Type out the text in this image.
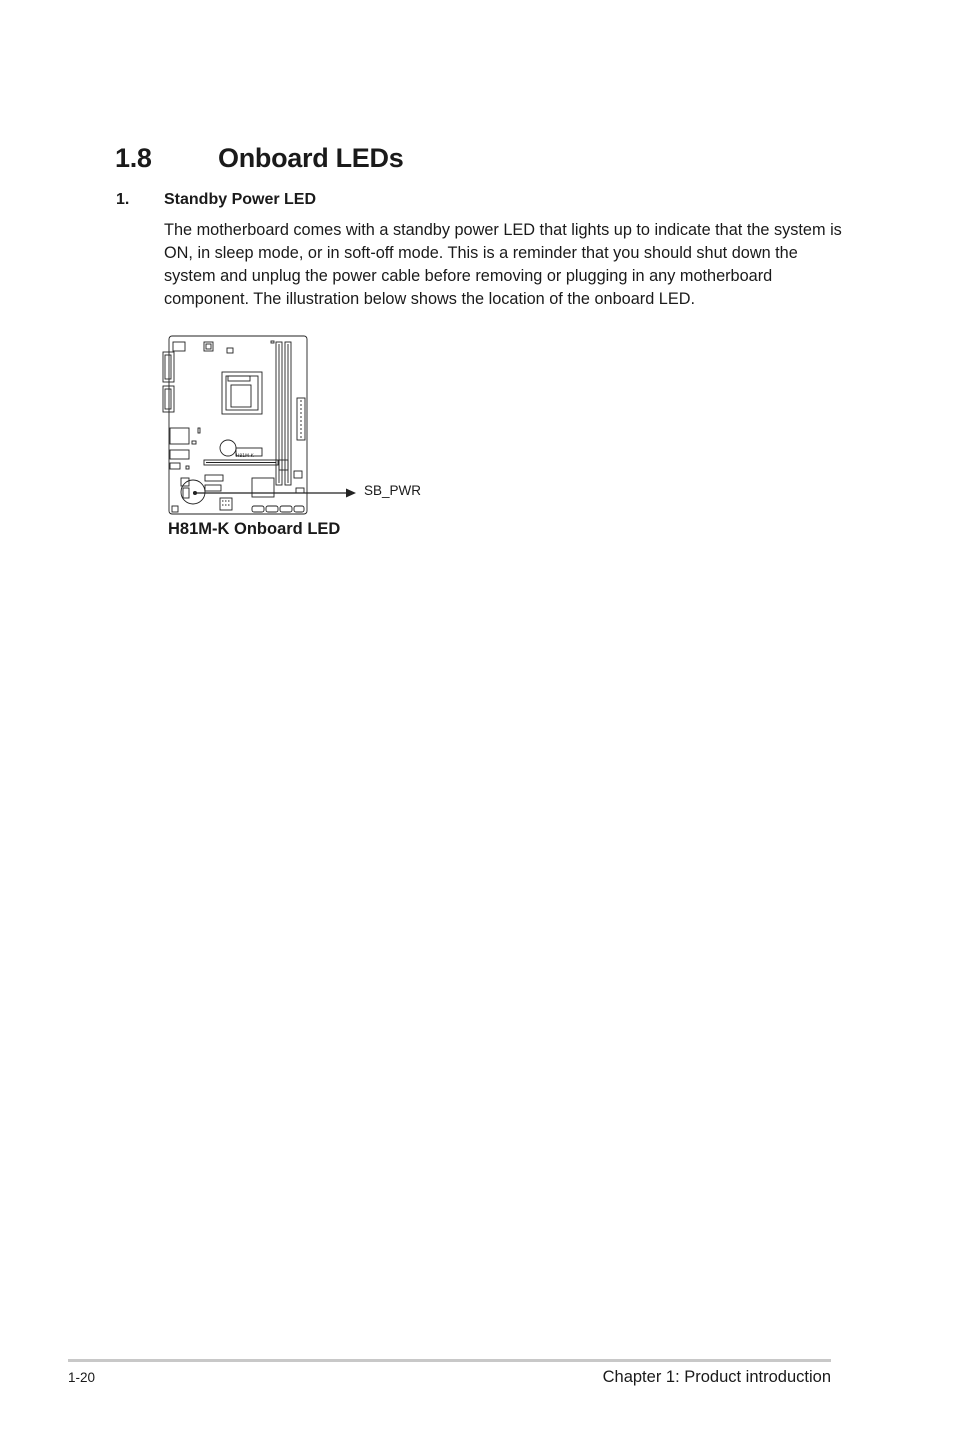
1.8 Onboard LEDs
1. Standby Power LED

The motherboard comes with a standby power LED that lights up to indicate that the system is ON, in sleep mode, or in soft-off mode. This is a reminder that you should shut down the system and unplug the power cable before removing or plugging in any motherboard component. The illustration below shows the location of the onboard LED.

H81M-K
SB_PWR

H81M-K Onboard LED

1-20	Chapter 1: Product introduction
